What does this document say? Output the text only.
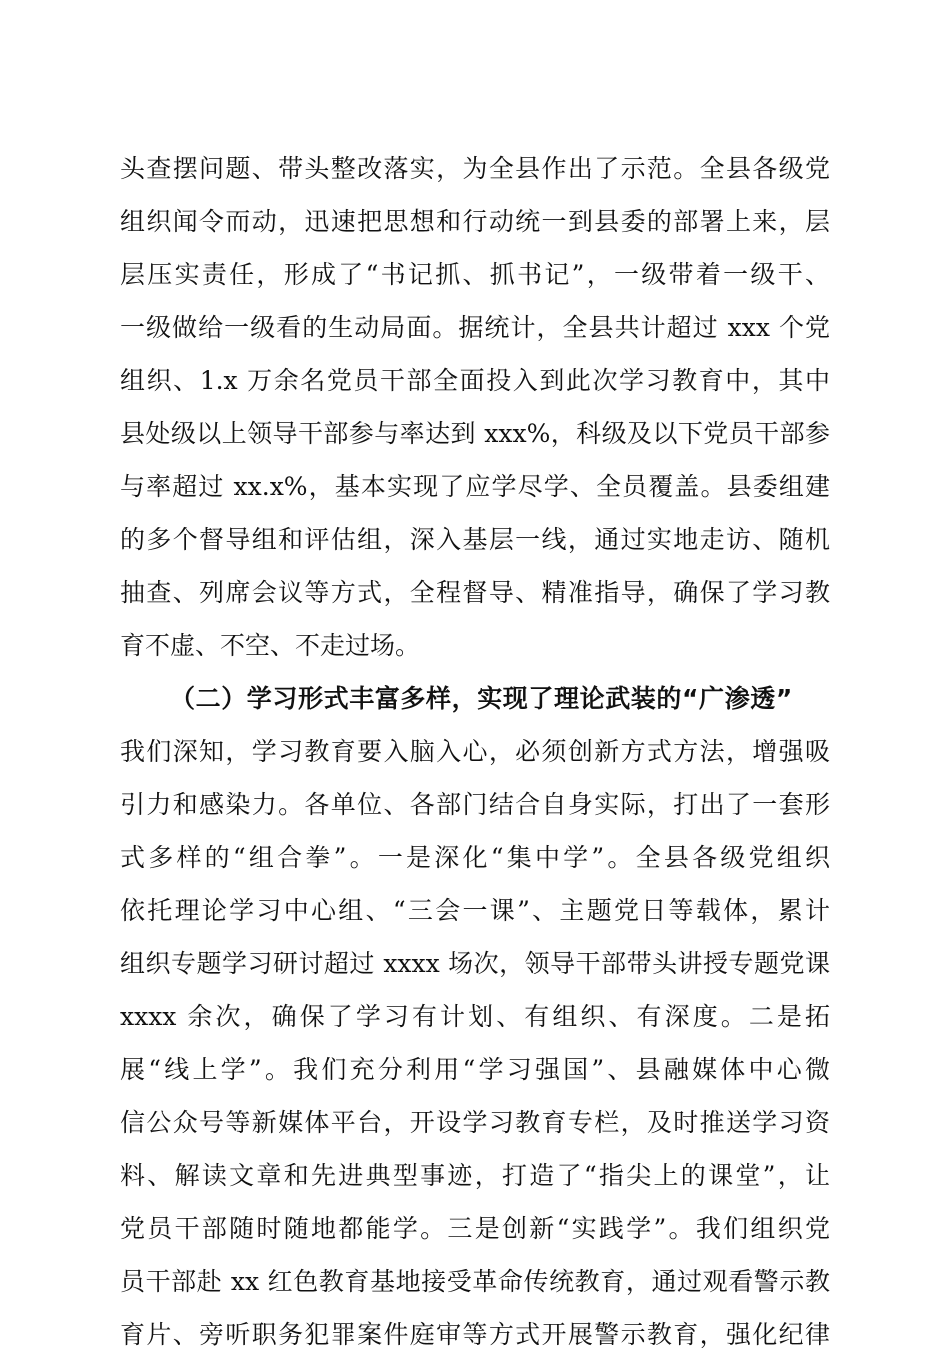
头查摆问题、带头整改落实，为全县作出了示范。全县各级党
组织闻令而动，迅速把思想和行动统一到县委的部署上来，层
层压实责任，形成了“书记抓、抓书记”，一级带着一级干、
一级做给一级看的生动局面。据统计，全县共计超过 xxx 个党
组织、1.x 万余名党员干部全面投入到此次学习教育中，其中
县处级以上领导干部参与率达到 xxx%，科级及以下党员干部参
与率超过 xx.x%，基本实现了应学尽学、全员覆盖。县委组建
的多个督导组和评估组，深入基层一线，通过实地走访、随机
抽查、列席会议等方式，全程督导、精准指导，确保了学习教
育不虚、不空、不走过场。
（二）学习形式丰富多样，实现了理论武装的“广渗透”
我们深知，学习教育要入脑入心，必须创新方式方法，增强吸
引力和感染力。各单位、各部门结合自身实际，打出了一套形
式多样的“组合拳”。一是深化“集中学”。全县各级党组织
依托理论学习中心组、“三会一课”、主题党日等载体，累计
组织专题学习研讨超过 xxxx 场次，领导干部带头讲授专题党课
xxxx 余次，确保了学习有计划、有组织、有深度。二是拓
展“线上学”。我们充分利用“学习强国”、县融媒体中心微
信公众号等新媒体平台，开设学习教育专栏，及时推送学习资
料、解读文章和先进典型事迹，打造了“指尖上的课堂”，让
党员干部随时随地都能学。三是创新“实践学”。我们组织党
员干部赴 xx 红色教育基地接受革命传统教育，通过观看警示教
育片、旁听职务犯罪案件庭审等方式开展警示教育，强化纪律
